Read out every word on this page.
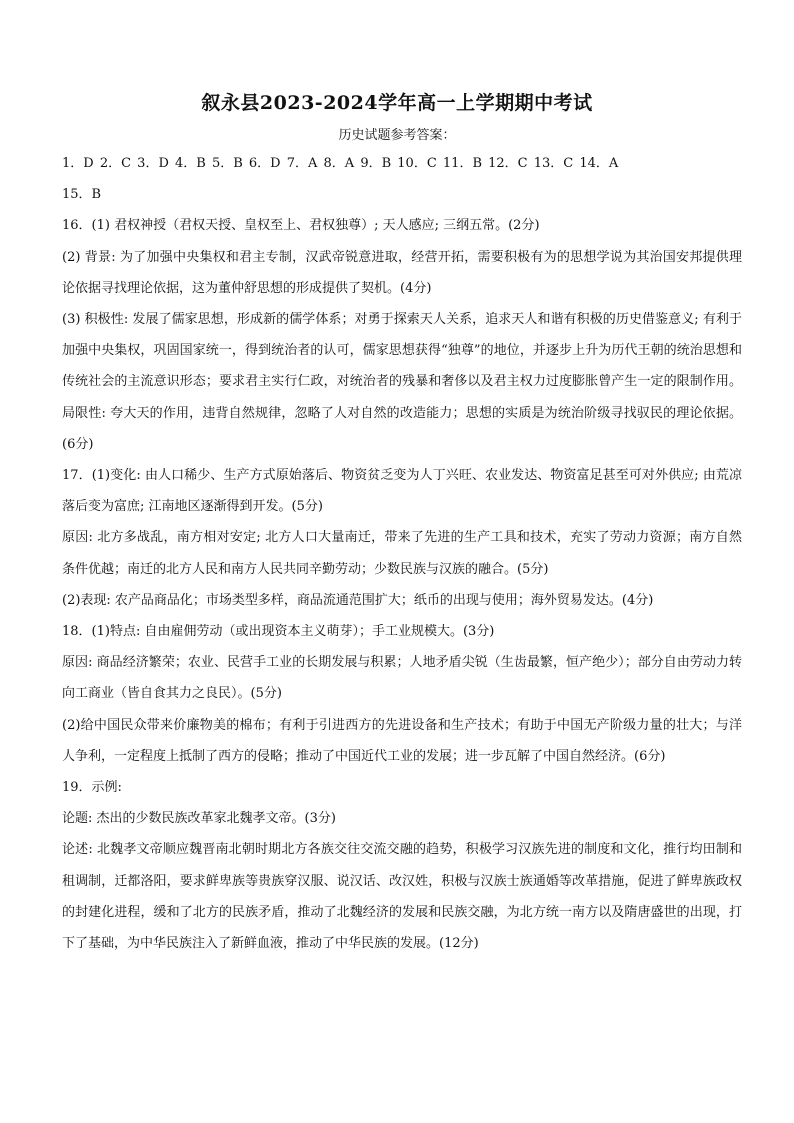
叙永县2023-2024学年高一上学期期中考试
历史试题参考答案：
1．D 2．C 3．D 4．B 5．B 6．D 7．A 8．A 9．B 10．C 11．B 12．C 13．C 14．A
15．B
16．(1) 君权神授（君权天授、皇权至上、君权独尊）; 天人感应; 三纲五常。(2分)
(2) 背景: 为了加强中央集权和君主专制，汉武帝锐意进取，经营开拓，需要积极有为的思想学说为其治国安邦提供理论依据寻找理论依据，这为董仲舒思想的形成提供了契机。(4分)
(3) 积极性: 发展了儒家思想，形成新的儒学体系；对勇于探索天人关系，追求天人和谐有积极的历史借鉴意义; 有利于加强中央集权，巩固国家统一，得到统治者的认可，儒家思想获得“独尊”的地位，并逐步上升为历代王朝的统治思想和传统社会的主流意识形态；要求君主实行仁政，对统治者的残暴和奢侈以及君主权力过度膨胀曾产生一定的限制作用。局限性: 夸大天的作用，违背自然规律，忽略了人对自然的改造能力；思想的实质是为统治阶级寻找驭民的理论依据。(6分)
17．(1)变化: 由人口稀少、生产方式原始落后、物资贫乏变为人丁兴旺、农业发达、物资富足甚至可对外供应; 由荒凉落后变为富庶; 江南地区逐渐得到开发。(5分)
原因: 北方多战乱，南方相对安定; 北方人口大量南迁，带来了先进的生产工具和技术，充实了劳动力资源；南方自然条件优越；南迁的北方人民和南方人民共同辛勤劳动；少数民族与汉族的融合。(5分)
(2)表现: 农产品商品化；市场类型多样，商品流通范围扩大；纸币的出现与使用；海外贸易发达。(4分)
18．(1)特点: 自由雇佣劳动（或出现资本主义萌芽）；手工业规模大。(3分)
原因: 商品经济繁荣；农业、民营手工业的长期发展与积累；人地矛盾尖锐（生齿最繁，恒产绝少）；部分自由劳动力转向工商业（皆自食其力之良民）。(5分)
(2)给中国民众带来价廉物美的棉布；有利于引进西方的先进设备和生产技术；有助于中国无产阶级力量的壮大；与洋人争利，一定程度上抵制了西方的侵略；推动了中国近代工业的发展；进一步瓦解了中国自然经济。(6分)
19．示例:
论题: 杰出的少数民族改革家北魏孝文帝。(3分)
论述: 北魏孝文帝顺应魏晋南北朝时期北方各族交往交流交融的趋势，积极学习汉族先进的制度和文化，推行均田制和租调制，迁都洛阳，要求鲜卑族等贵族穿汉服、说汉话、改汉姓，积极与汉族士族通婚等改革措施，促进了鲜卑族政权的封建化进程，缓和了北方的民族矛盾，推动了北魏经济的发展和民族交融，为北方统一南方以及隋唐盛世的出现，打下了基础，为中华民族注入了新鲜血液，推动了中华民族的发展。(12分)
